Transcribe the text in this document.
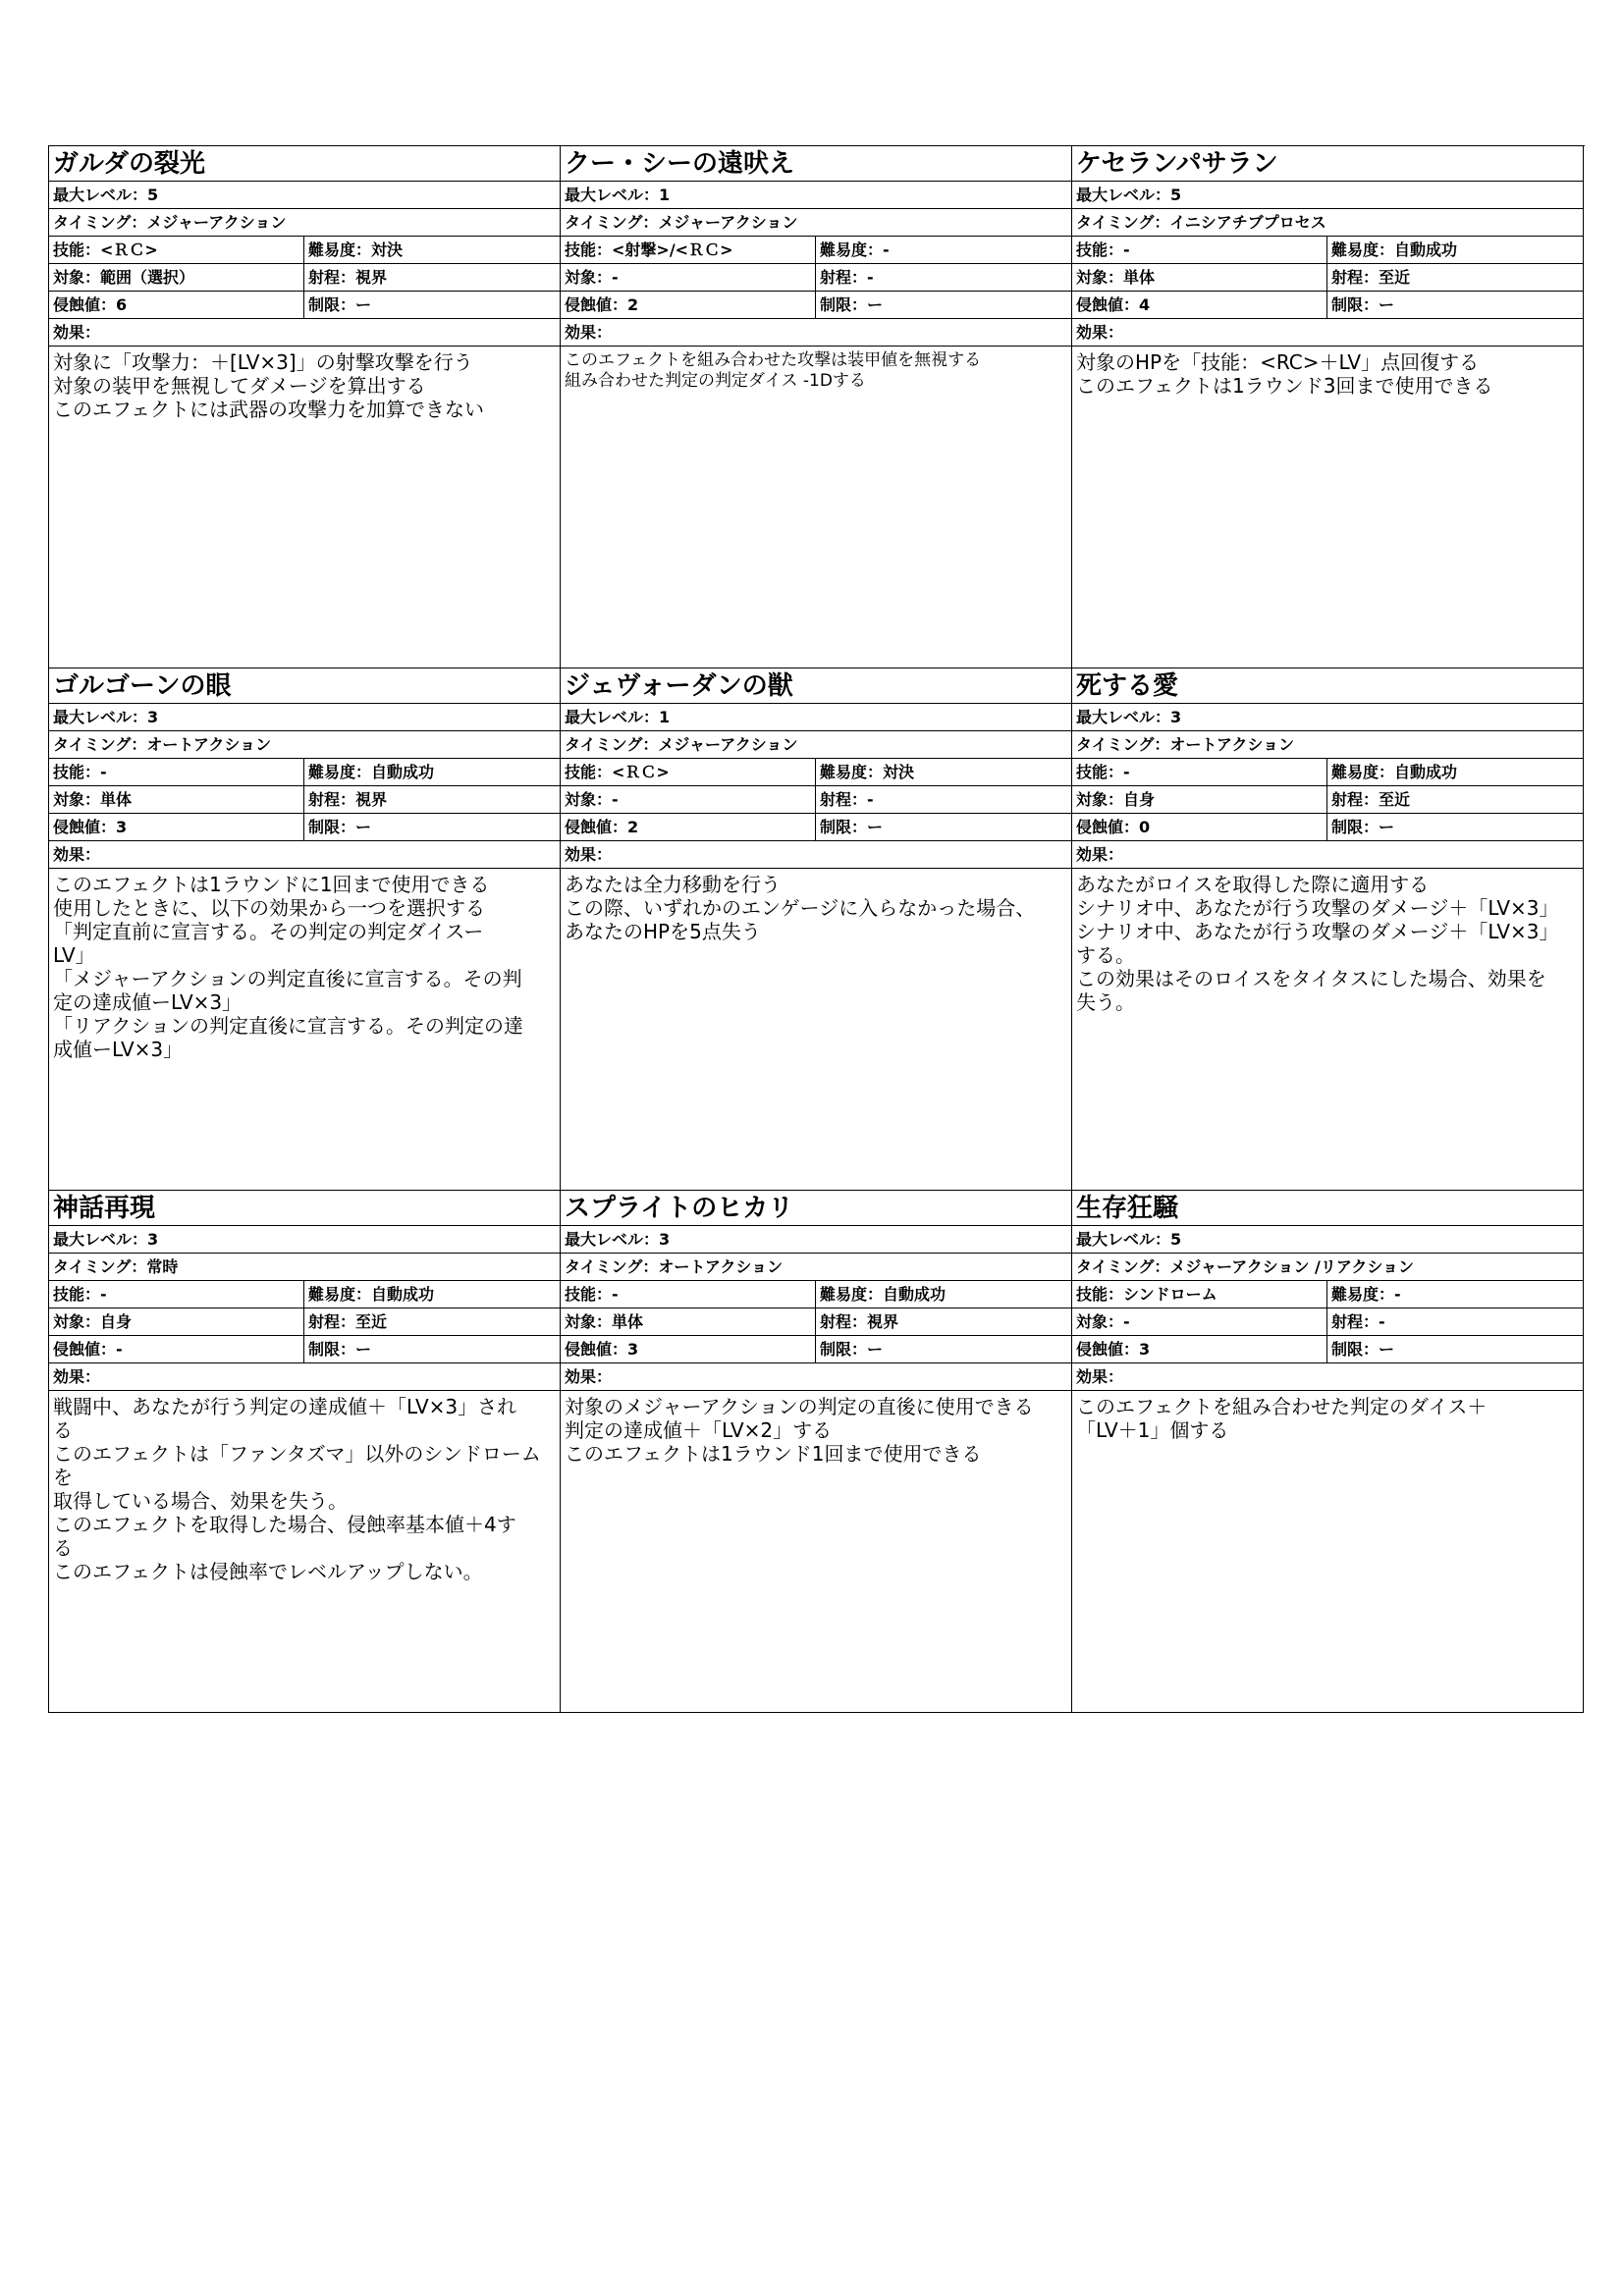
ガルダの裂光
最大レベル：5
タイミング：メジャーアクション
技能：<ＲＣ>	難易度：対決
対象：範囲（選択）	射程：視界
侵蝕値：6	制限：ー
効果：
対象に「攻撃力：＋[LV×3]」の射撃攻撃を行う
対象の装甲を無視してダメージを算出する
このエフェクトには武器の攻撃力を加算できない
クー・シーの遠吠え
最大レベル：1
タイミング：メジャーアクション
技能：<射撃>/<ＲＣ>	難易度：-
対象：-	射程：-
侵蝕値：2	制限：ー
効果：
このエフェクトを組み合わせた攻撃は装甲値を無視する
組み合わせた判定の判定ダイス -1Dする
ケセランパサラン
最大レベル：5
タイミング：イニシアチブプロセス
技能：-	難易度：自動成功
対象：単体	射程：至近
侵蝕値：4	制限：ー
効果：
対象のHPを「技能：<RC>＋LV」点回復する
このエフェクトは1ラウンド3回まで使用できる
ゴルゴーンの眼
最大レベル：3
タイミング：オートアクション
技能：-	難易度：自動成功
対象：単体	射程：視界
侵蝕値：3	制限：ー
効果：
このエフェクトは1ラウンドに1回まで使用できる
使用したときに、以下の効果から一つを選択する
「判定直前に宣言する。その判定の判定ダイスー
LV」
「メジャーアクションの判定直後に宣言する。その判
定の達成値ーLV×3」
「リアクションの判定直後に宣言する。その判定の達
成値ーLV×3」
ジェヴォーダンの獣
最大レベル：1
タイミング：メジャーアクション
技能：<ＲＣ>	難易度：対決
対象：-	射程：-
侵蝕値：2	制限：ー
効果：
あなたは全力移動を行う
この際、いずれかのエンゲージに入らなかった場合、
あなたのHPを5点失う
死する愛
最大レベル：3
タイミング：オートアクション
技能：-	難易度：自動成功
対象：自身	射程：至近
侵蝕値：0	制限：ー
効果：
あなたがロイスを取得した際に適用する
シナリオ中、あなたが行う攻撃のダメージ＋「LV×3」
シナリオ中、あなたが行う攻撃のダメージ＋「LV×3」
する。
この効果はそのロイスをタイタスにした場合、効果を
失う。
神話再現
最大レベル：3
タイミング：常時
技能：-	難易度：自動成功
対象：自身	射程：至近
侵蝕値：-	制限：ー
効果：
戦闘中、あなたが行う判定の達成値＋「LV×3」され
る
このエフェクトは「ファンタズマ」以外のシンドロームを
取得している場合、効果を失う。
このエフェクトを取得した場合、侵蝕率基本値＋4す
る
このエフェクトは侵蝕率でレベルアップしない。
スプライトのヒカリ
最大レベル：3
タイミング：オートアクション
技能：-	難易度：自動成功
対象：単体	射程：視界
侵蝕値：3	制限：ー
効果：
対象のメジャーアクションの判定の直後に使用できる
判定の達成値＋「LV×2」する
このエフェクトは1ラウンド1回まで使用できる
生存狂騒
最大レベル：5
タイミング：メジャーアクション /リアクション
技能：シンドローム	難易度：-
対象：-	射程：-
侵蝕値：3	制限：ー
効果：
このエフェクトを組み合わせた判定のダイス＋
「LV＋1」個する
